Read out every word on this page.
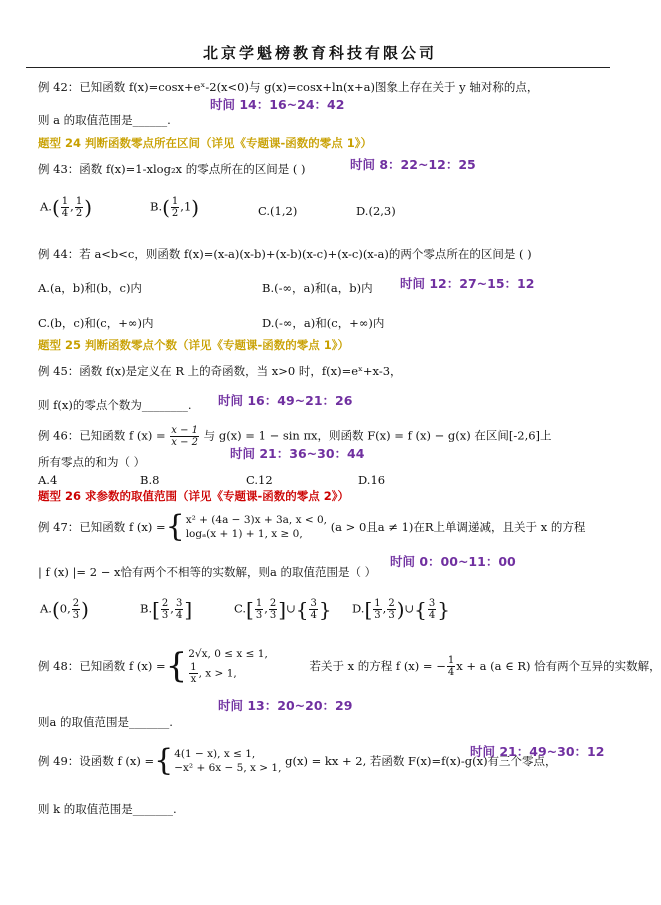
北京学魁榜教育科技有限公司
例 42：已知函数 f(x)=cosx+eˣ-2(x<0)与 g(x)=cosx+ln(x+a)图象上存在关于 y 轴对称的点，
时间 14：16~24：42
则 a 的取值范围是______.
题型 24 判断函数零点所在区间（详见《专题课-函数的零点 1》）
例 43：函数 f(x)=1-xlog₂x 的零点所在的区间是 ( )	时间 8：22~12：25
$A.( \frac{1}{4}$ , $\frac{1}{2}$ )	$B.( \frac{1}{2} ,1)$	C.(1,2)	D.(2,3)
例 44：若 a<b<c，则函数 f(x)=(x-a)(x-b)+(x-b)(x-c)+(x-c)(x-a)的两个零点所在的区间是 ( )
A.(a，b)和(b，c)内	B.(-∞，a)和(a，b)内 时间 12：27~15：12
C.(b，c)和(c，+∞)内	D.(-∞，a)和(c，+∞)内
题型 25 判断函数零点个数（详见《专题课-函数的零点 1》）
例 45：函数 f(x)是定义在 R 上的奇函数，当 x>0 时，f(x)=eˣ+x-3，
则 f(x)的零点个数为________. 时间 16：49~21：26
例 46：已知函数 f $(x) = \frac{x - 1}{x - 2}$ 与 g(x) = 1 − sin πx，则函数 F(x) = f (x) − g(x) 在区间[-2,6]上
所有零点的和为（ ）
时间 21：36~30：44
A.4	B.8	C.12	D.16
题型 26 求参数的取值范围（详见《专题课-函数的零点 2》）
例 47：已知函数 f (x) ={ x² + (4a − 3)x + 3a, x < 0,
logₐ(x + 1) + 1, x ≥ 0,
(a > 0且a ≠ 1)在R上单调递减，且关于 x 的方程
| f (x) |= 2 − x恰有两个不相等的实数解，则a 的取值范围是（ ）
时间 0：00~11：00
A.(0, $\frac{2}{3}$ )	$B.[ \frac{2}{3}$ , $\frac{3}{4}$ ]	$C.[ \frac{1}{3}$ , $\frac{2}{3}$ ]∪{ $\frac{3}{4}$ } $D.[ \frac{1}{3}$ , $\frac{2}{3}$ )∪{ $\frac{3}{4}$ }
例 48：已知函数 f (x) ={ 2√x, 0 ≤ x ≤ 1,
$\frac{1}{x}$ , x > 1,
若关于 x 的方程 f (x) = − $\frac{1}{4}$ x + a (a ∈ R) 恰有两个互异的实数解，
时间 13：20~20：29
则a 的取值范围是_______.
例 49：设函数 f (x) ={ 4(1 − x), x ≤ 1,
−x² + 6x − 5, x > 1,
g(x) = kx + 2, 若函数 F(x)=f(x)-g(x)有三个零点，
时间 21：49~30：12
则 k 的取值范围是_______.
